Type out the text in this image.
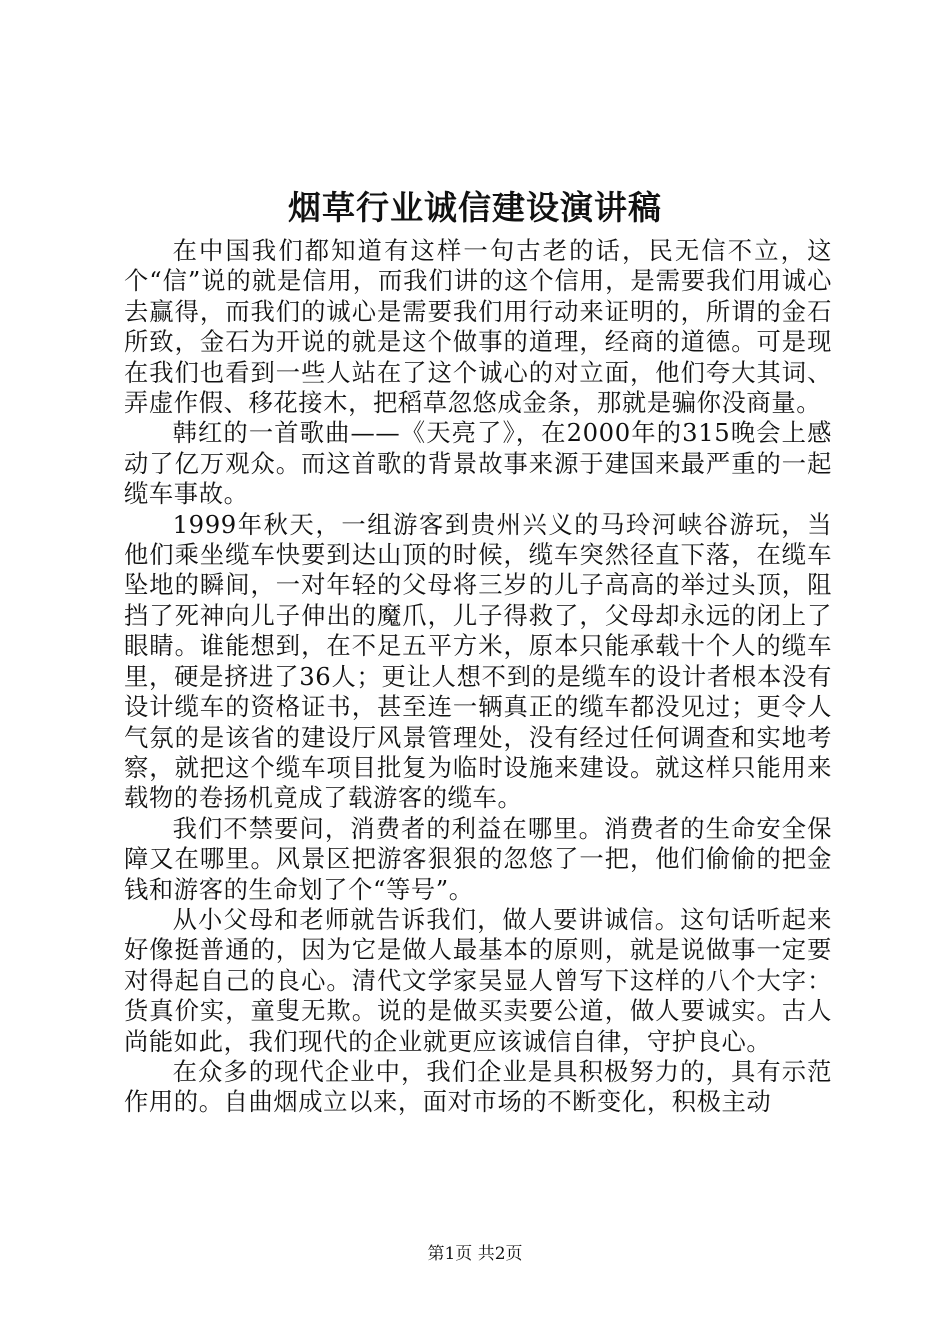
烟草行业诚信建设演讲稿

在中国我们都知道有这样一句古老的话，民无信不立，这个“信”说的就是信用，而我们讲的这个信用，是需要我们用诚心去赢得，而我们的诚心是需要我们用行动来证明的，所谓的金石所致，金石为开说的就是这个做事的道理，经商的道德。可是现在我们也看到一些人站在了这个诚心的对立面，他们夸大其词、弄虚作假、移花接木，把稻草忽悠成金条，那就是骗你没商量。

韩红的一首歌曲——《天亮了》，在2000年的315晚会上感动了亿万观众。而这首歌的背景故事来源于建国来最严重的一起缆车事故。

1999年秋天，一组游客到贵州兴义的马玲河峡谷游玩，当他们乘坐缆车快要到达山顶的时候，缆车突然径直下落，在缆车坠地的瞬间，一对年轻的父母将三岁的儿子高高的举过头顶，阻挡了死神向儿子伸出的魔爪，儿子得救了，父母却永远的闭上了眼睛。谁能想到，在不足五平方米，原本只能承载十个人的缆车里，硬是挤进了36人；更让人想不到的是缆车的设计者根本没有设计缆车的资格证书，甚至连一辆真正的缆车都没见过；更令人气氛的是该省的建设厅风景管理处，没有经过任何调查和实地考察，就把这个缆车项目批复为临时设施来建设。就这样只能用来载物的卷扬机竟成了载游客的缆车。

我们不禁要问，消费者的利益在哪里。消费者的生命安全保障又在哪里。风景区把游客狠狠的忽悠了一把，他们偷偷的把金钱和游客的生命划了个“等号”。

从小父母和老师就告诉我们，做人要讲诚信。这句话听起来好像挺普通的，因为它是做人最基本的原则，就是说做事一定要对得起自己的良心。清代文学家吴显人曾写下这样的八个大字：货真价实，童叟无欺。说的是做买卖要公道，做人要诚实。古人尚能如此，我们现代的企业就更应该诚信自律，守护良心。

在众多的现代企业中，我们企业是具积极努力的，具有示范作用的。自曲烟成立以来，面对市场的不断变化，积极主动

第1页 共2页
